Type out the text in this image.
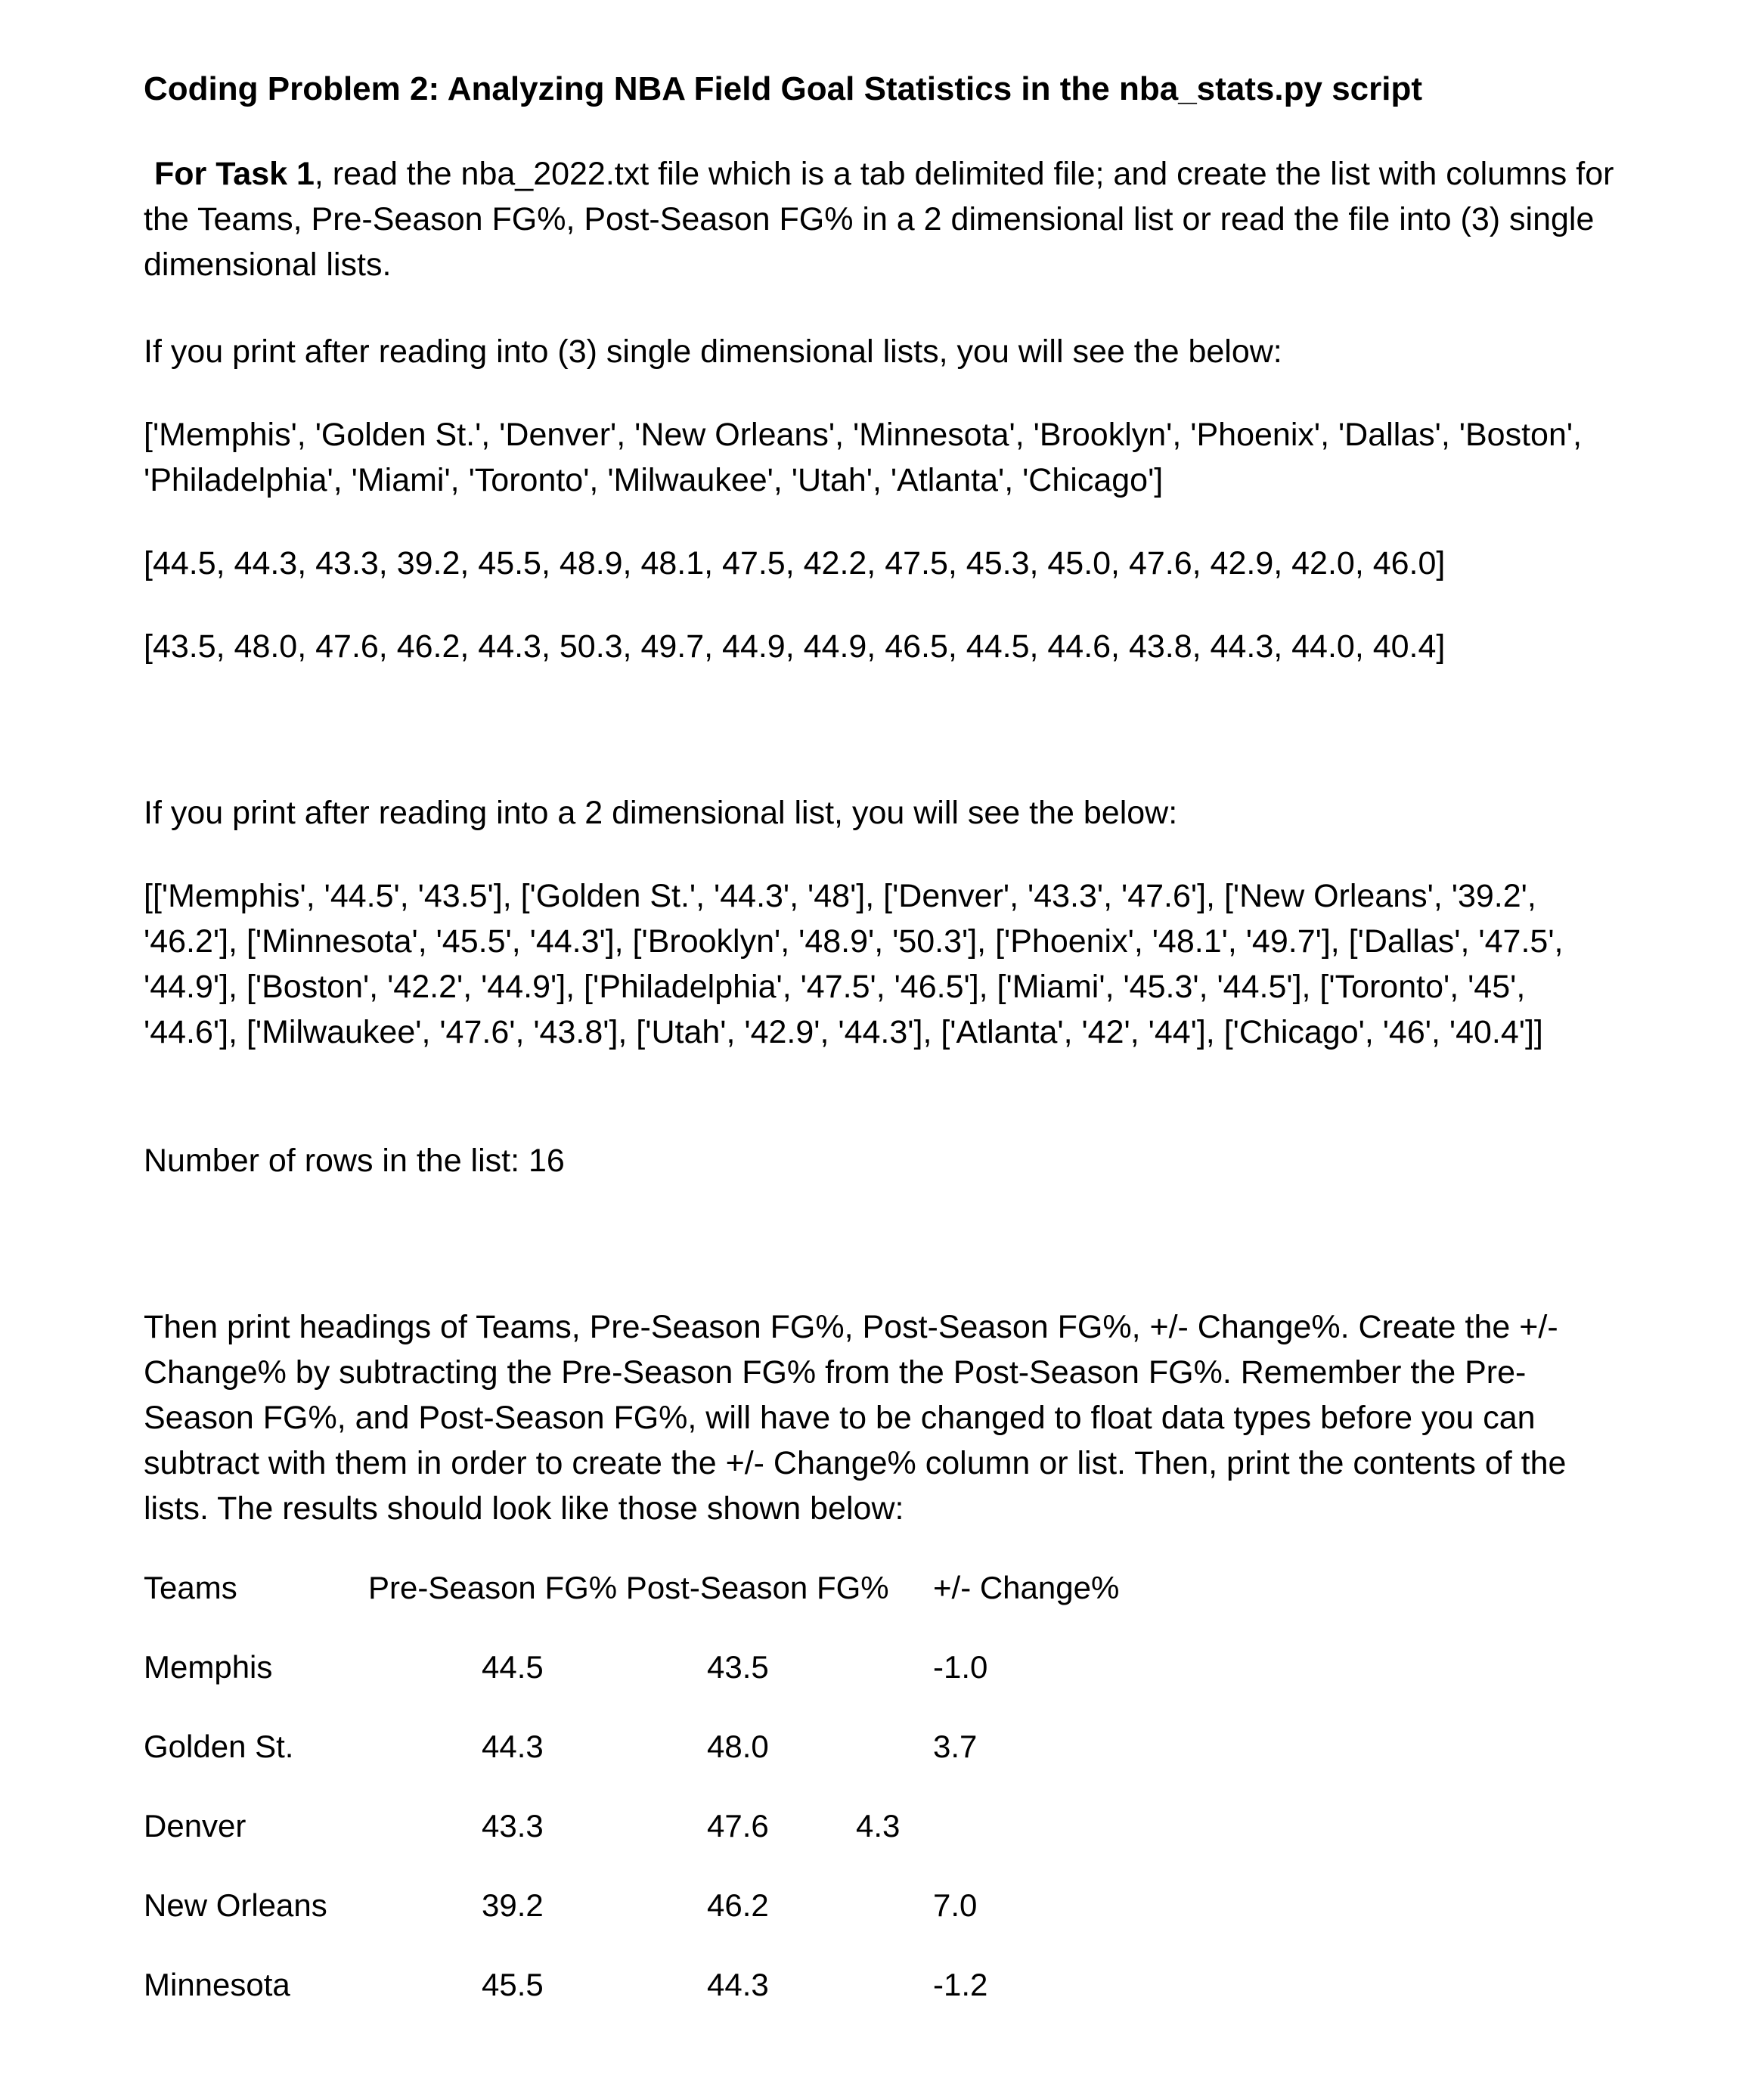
Coding Problem 2: Analyzing NBA Field Goal Statistics in the nba_stats.py script
For Task 1, read the nba_2022.txt file which is a tab delimited file; and create the list with columns for the Teams, Pre-Season FG%, Post-Season FG% in a 2 dimensional list or read the file into (3) single dimensional lists.
If you print after reading into (3) single dimensional lists, you will see the below:
['Memphis', 'Golden St.', 'Denver', 'New Orleans', 'Minnesota', 'Brooklyn', 'Phoenix', 'Dallas', 'Boston', 'Philadelphia', 'Miami', 'Toronto', 'Milwaukee', 'Utah', 'Atlanta', 'Chicago']
[44.5, 44.3, 43.3, 39.2, 45.5, 48.9, 48.1, 47.5, 42.2, 47.5, 45.3, 45.0, 47.6, 42.9, 42.0, 46.0]
[43.5, 48.0, 47.6, 46.2, 44.3, 50.3, 49.7, 44.9, 44.9, 46.5, 44.5, 44.6, 43.8, 44.3, 44.0, 40.4]
If you print after reading into a 2 dimensional list, you will see the below:
[['Memphis', '44.5', '43.5'], ['Golden St.', '44.3', '48'], ['Denver', '43.3', '47.6'], ['New Orleans', '39.2', '46.2'], ['Minnesota', '45.5', '44.3'], ['Brooklyn', '48.9', '50.3'], ['Phoenix', '48.1', '49.7'], ['Dallas', '47.5', '44.9'], ['Boston', '42.2', '44.9'], ['Philadelphia', '47.5', '46.5'], ['Miami', '45.3', '44.5'], ['Toronto', '45', '44.6'], ['Milwaukee', '47.6', '43.8'], ['Utah', '42.9', '44.3'], ['Atlanta', '42', '44'], ['Chicago', '46', '40.4']]
Number of rows in the list: 16
Then print headings of Teams, Pre-Season FG%, Post-Season FG%, +/- Change%. Create the +/- Change% by subtracting the Pre-Season FG% from the Post-Season FG%. Remember the Pre-Season FG%, and Post-Season FG%, will have to be changed to float data types before you can subtract with them in order to create the +/- Change% column or list. Then, print the contents of the lists. The results should look like those shown below:
Teams	Pre-Season FG% Post-Season FG% +/- Change%
Memphis	44.5	43.5	-1.0
Golden St.	44.3	48.0	3.7
Denver	43.3	47.6	4.3
New Orleans	39.2	46.2	7.0
Minnesota	45.5	44.3	-1.2
